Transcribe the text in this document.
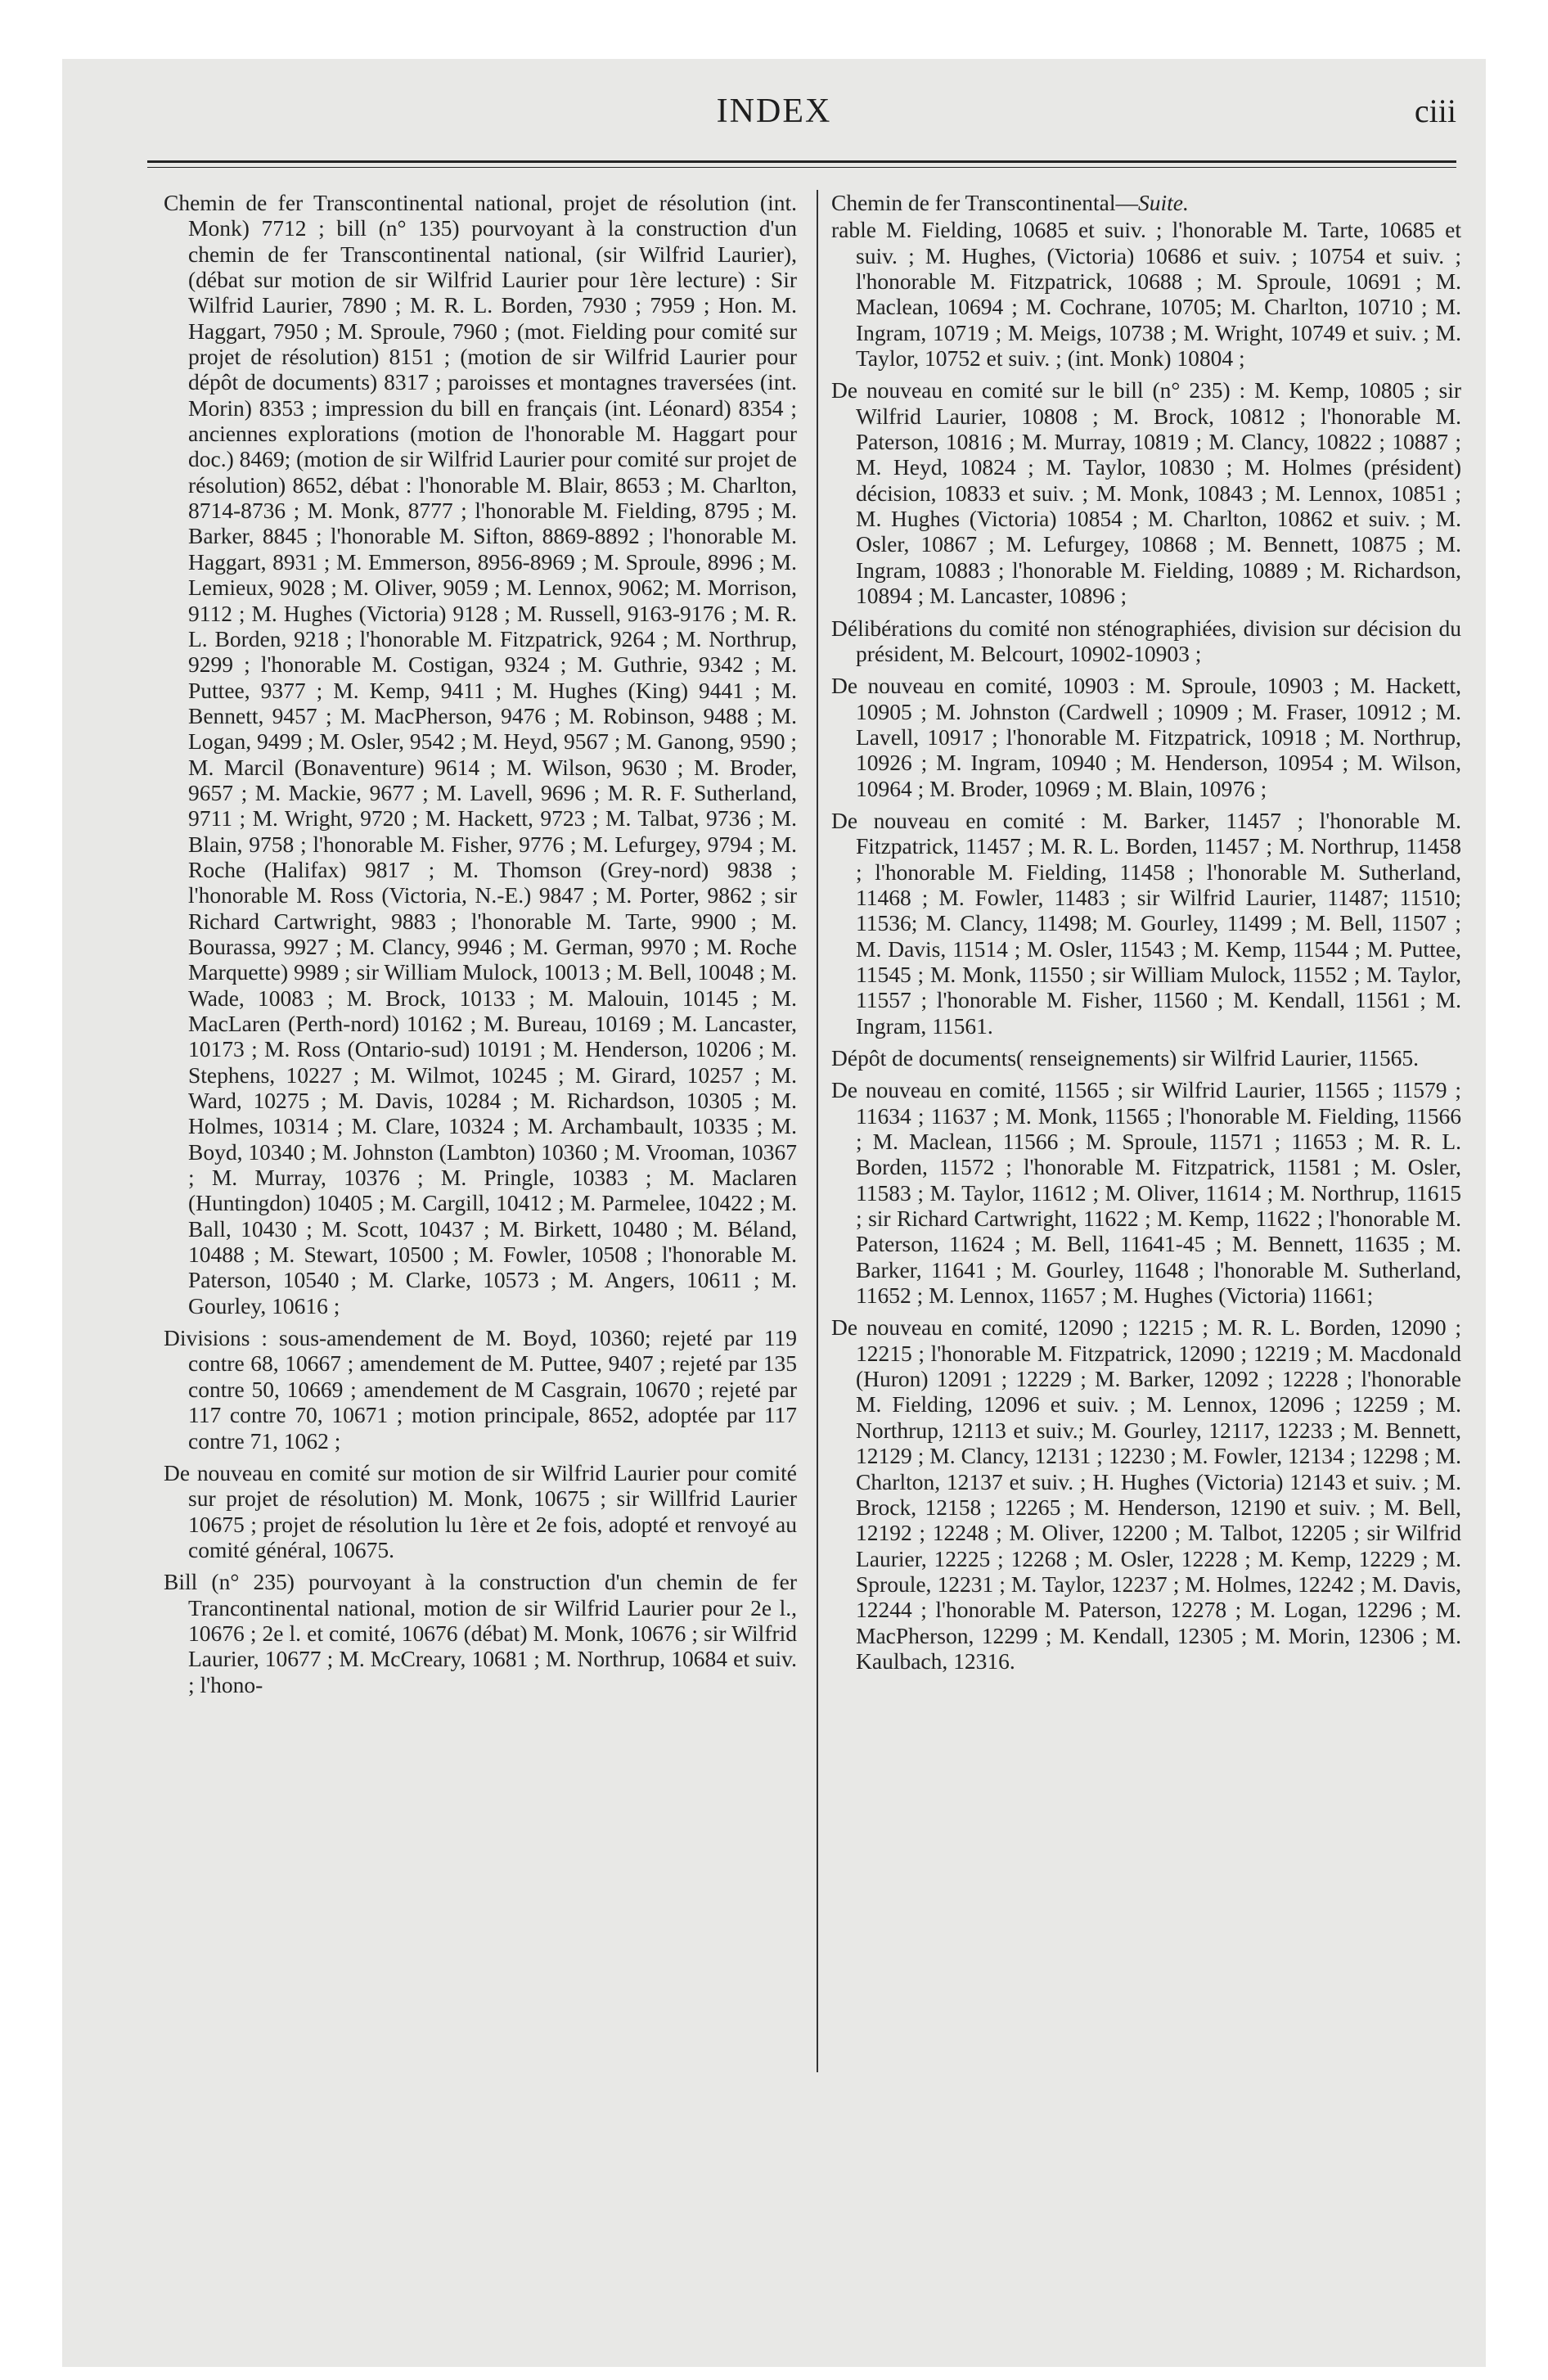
INDEX	ciii

Chemin de fer Transcontinental national, projet de résolution (int. Monk) 7712 ; bill (n° 135) pourvoyant à la construction d'un chemin de fer Transcontinental national, (sir Wilfrid Laurier), (débat sur motion de sir Wilfrid Laurier pour 1ère lecture) : Sir Wilfrid Laurier, 7890 ; M. R. L. Borden, 7930 ; 7959 ; Hon. M. Haggart, 7950 ; M. Sproule, 7960 ; (mot. Fielding pour comité sur projet de résolution) 8151 ; (motion de sir Wilfrid Laurier pour dépôt de documents) 8317 ; paroisses et montagnes traversées (int. Morin) 8353 ; impression du bill en français (int. Léonard) 8354 ; anciennes explorations (motion de l'honorable M. Haggart pour doc.) 8469; (motion de sir Wilfrid Laurier pour comité sur projet de résolution) 8652, débat : l'honorable M. Blair, 8653 ; M. Charlton, 8714-8736 ; M. Monk, 8777 ; l'honorable M. Fielding, 8795 ; M. Barker, 8845 ; l'honorable M. Sifton, 8869-8892 ; l'honorable M. Haggart, 8931 ; M. Emmerson, 8956-8969 ; M. Sproule, 8996 ; M. Lemieux, 9028 ; M. Oliver, 9059 ; M. Lennox, 9062; M. Morrison, 9112 ; M. Hughes (Victoria) 9128 ; M. Russell, 9163-9176 ; M. R. L. Borden, 9218 ; l'honorable M. Fitzpatrick, 9264 ; M. Northrup, 9299 ; l'honorable M. Costigan, 9324 ; M. Guthrie, 9342 ; M. Puttee, 9377 ; M. Kemp, 9411 ; M. Hughes (King) 9441 ; M. Bennett, 9457 ; M. MacPherson, 9476 ; M. Robinson, 9488 ; M. Logan, 9499 ; M. Osler, 9542 ; M. Heyd, 9567 ; M. Ganong, 9590 ; M. Marcil (Bonaventure) 9614 ; M. Wilson, 9630 ; M. Broder, 9657 ; M. Mackie, 9677 ; M. Lavell, 9696 ; M. R. F. Sutherland, 9711 ; M. Wright, 9720 ; M. Hackett, 9723 ; M. Talbat, 9736 ; M. Blain, 9758 ; l'honorable M. Fisher, 9776 ; M. Lefurgey, 9794 ; M. Roche (Halifax) 9817 ; M. Thomson (Grey-nord) 9838 ; l'honorable M. Ross (Victoria, N.-E.) 9847 ; M. Porter, 9862 ; sir Richard Cartwright, 9883 ; l'honorable M. Tarte, 9900 ; M. Bourassa, 9927 ; M. Clancy, 9946 ; M. German, 9970 ; M. Roche Marquette) 9989 ; sir William Mulock, 10013 ; M. Bell, 10048 ; M. Wade, 10083 ; M. Brock, 10133 ; M. Malouin, 10145 ; M. MacLaren (Perth-nord) 10162 ; M. Bureau, 10169 ; M. Lancaster, 10173 ; M. Ross (Ontario-sud) 10191 ; M. Henderson, 10206 ; M. Stephens, 10227 ; M. Wilmot, 10245 ; M. Girard, 10257 ; M. Ward, 10275 ; M. Davis, 10284 ; M. Richardson, 10305 ; M. Holmes, 10314 ; M. Clare, 10324 ; M. Archambault, 10335 ; M. Boyd, 10340 ; M. Johnston (Lambton) 10360 ; M. Vrooman, 10367 ; M. Murray, 10376 ; M. Pringle, 10383 ; M. Maclaren (Huntingdon) 10405 ; M. Cargill, 10412 ; M. Parmelee, 10422 ; M. Ball, 10430 ; M. Scott, 10437 ; M. Birkett, 10480 ; M. Béland, 10488 ; M. Stewart, 10500 ; M. Fowler, 10508 ; l'honorable M. Paterson, 10540 ; M. Clarke, 10573 ; M. Angers, 10611 ; M. Gourley, 10616 ;

Divisions : sous-amendement de M. Boyd, 10360; rejeté par 119 contre 68, 10667 ; amendement de M. Puttee, 9407 ; rejeté par 135 contre 50, 10669 ; amendement de M Casgrain, 10670 ; rejeté par 117 contre 70, 10671 ; motion principale, 8652, adoptée par 117 contre 71, 1062 ;

De nouveau en comité sur motion de sir Wilfrid Laurier pour comité sur projet de résolution) M. Monk, 10675 ; sir Willfrid Laurier 10675 ; projet de résolution lu 1ère et 2e fois, adopté et renvoyé au comité général, 10675.

Bill (n° 235) pourvoyant à la construction d'un chemin de fer Trancontinental national, motion de sir Wilfrid Laurier pour 2e l., 10676 ; 2e l. et comité, 10676 (débat) M. Monk, 10676 ; sir Wilfrid Laurier, 10677 ; M. McCreary, 10681 ; M. Northrup, 10684 et suiv. ; l'hono-

Chemin de fer Transcontinental—Suite.

rable M. Fielding, 10685 et suiv. ; l'honorable M. Tarte, 10685 et suiv. ; M. Hughes, (Victoria) 10686 et suiv. ; 10754 et suiv. ; l'honorable M. Fitzpatrick, 10688 ; M. Sproule, 10691 ; M. Maclean, 10694 ; M. Cochrane, 10705; M. Charlton, 10710 ; M. Ingram, 10719 ; M. Meigs, 10738 ; M. Wright, 10749 et suiv. ; M. Taylor, 10752 et suiv. ; (int. Monk) 10804 ;

De nouveau en comité sur le bill (n° 235) : M. Kemp, 10805 ; sir Wilfrid Laurier, 10808 ; M. Brock, 10812 ; l'honorable M. Paterson, 10816 ; M. Murray, 10819 ; M. Clancy, 10822 ; 10887 ; M. Heyd, 10824 ; M. Taylor, 10830 ; M. Holmes (président) décision, 10833 et suiv. ; M. Monk, 10843 ; M. Lennox, 10851 ; M. Hughes (Victoria) 10854 ; M. Charlton, 10862 et suiv. ; M. Osler, 10867 ; M. Lefurgey, 10868 ; M. Bennett, 10875 ; M. Ingram, 10883 ; l'honorable M. Fielding, 10889 ; M. Richardson, 10894 ; M. Lancaster, 10896 ;

Délibérations du comité non sténographiées, division sur décision du président, M. Belcourt, 10902-10903 ;

De nouveau en comité, 10903 : M. Sproule, 10903 ; M. Hackett, 10905 ; M. Johnston (Cardwell ; 10909 ; M. Fraser, 10912 ; M. Lavell, 10917 ; l'honorable M. Fitzpatrick, 10918 ; M. Northrup, 10926 ; M. Ingram, 10940 ; M. Henderson, 10954 ; M. Wilson, 10964 ; M. Broder, 10969 ; M. Blain, 10976 ;

De nouveau en comité : M. Barker, 11457 ; l'honorable M. Fitzpatrick, 11457 ; M. R. L. Borden, 11457 ; M. Northrup, 11458 ; l'honorable M. Fielding, 11458 ; l'honorable M. Sutherland, 11468 ; M. Fowler, 11483 ; sir Wilfrid Laurier, 11487; 11510; 11536; M. Clancy, 11498; M. Gourley, 11499 ; M. Bell, 11507 ; M. Davis, 11514 ; M. Osler, 11543 ; M. Kemp, 11544 ; M. Puttee, 11545 ; M. Monk, 11550 ; sir William Mulock, 11552 ; M. Taylor, 11557 ; l'honorable M. Fisher, 11560 ; M. Kendall, 11561 ; M. Ingram, 11561.

Dépôt de documents( renseignements) sir Wilfrid Laurier, 11565.

De nouveau en comité, 11565 ; sir Wilfrid Laurier, 11565 ; 11579 ; 11634 ; 11637 ; M. Monk, 11565 ; l'honorable M. Fielding, 11566 ; M. Maclean, 11566 ; M. Sproule, 11571 ; 11653 ; M. R. L. Borden, 11572 ; l'honorable M. Fitzpatrick, 11581 ; M. Osler, 11583 ; M. Taylor, 11612 ; M. Oliver, 11614 ; M. Northrup, 11615 ; sir Richard Cartwright, 11622 ; M. Kemp, 11622 ; l'honorable M. Paterson, 11624 ; M. Bell, 11641-45 ; M. Bennett, 11635 ; M. Barker, 11641 ; M. Gourley, 11648 ; l'honorable M. Sutherland, 11652 ; M. Lennox, 11657 ; M. Hughes (Victoria) 11661;

De nouveau en comité, 12090 ; 12215 ; M. R. L. Borden, 12090 ; 12215 ; l'honorable M. Fitzpatrick, 12090 ; 12219 ; M. Macdonald (Huron) 12091 ; 12229 ; M. Barker, 12092 ; 12228 ; l'honorable M. Fielding, 12096 et suiv. ; M. Lennox, 12096 ; 12259 ; M. Northrup, 12113 et suiv.; M. Gourley, 12117, 12233 ; M. Bennett, 12129 ; M. Clancy, 12131 ; 12230 ; M. Fowler, 12134 ; 12298 ; M. Charlton, 12137 et suiv. ; H. Hughes (Victoria) 12143 et suiv. ; M. Brock, 12158 ; 12265 ; M. Henderson, 12190 et suiv. ; M. Bell, 12192 ; 12248 ; M. Oliver, 12200 ; M. Talbot, 12205 ; sir Wilfrid Laurier, 12225 ; 12268 ; M. Osler, 12228 ; M. Kemp, 12229 ; M. Sproule, 12231 ; M. Taylor, 12237 ; M. Holmes, 12242 ; M. Davis, 12244 ; l'honorable M. Paterson, 12278 ; M. Logan, 12296 ; M. MacPherson, 12299 ; M. Kendall, 12305 ; M. Morin, 12306 ; M. Kaulbach, 12316.
